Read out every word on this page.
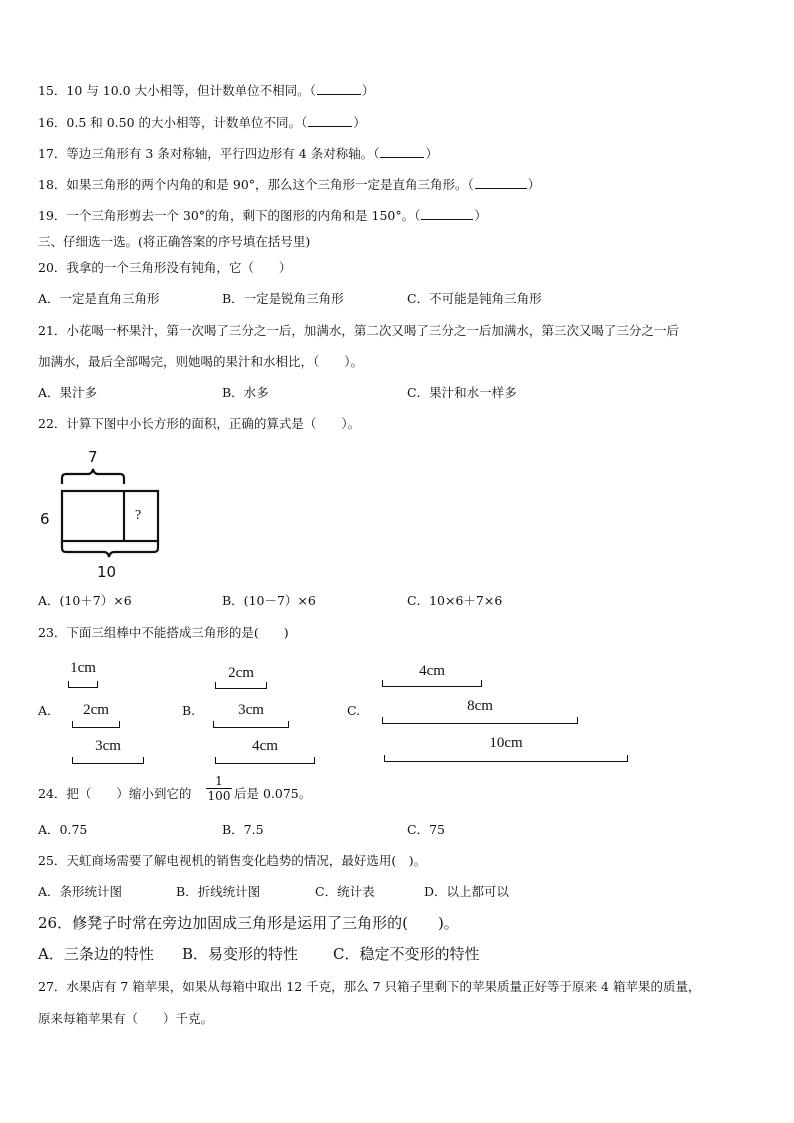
15．10 与 10.0 大小相等，但计数单位不相同。（	）
16．0.5 和 0.50 的大小相等，计数单位不同。（	）
17．等边三角形有 3 条对称轴，平行四边形有 4 条对称轴。（	）
18．如果三角形的两个内角的和是 90°，那么这个三角形一定是直角三角形。（	）
19．一个三角形剪去一个 30°的角，剩下的图形的内角和是 150°。（	）
三、仔细选一选。(将正确答案的序号填在括号里)
20．我拿的一个三角形没有钝角，它（　　）
A．一定是直角三角形	B．一定是锐角三角形	C．不可能是钝角三角形
21．小花喝一杯果汁，第一次喝了三分之一后，加满水，第二次又喝了三分之一后加满水，第三次又喝了三分之一后
加满水，最后全部喝完，则她喝的果汁和水相比，（　　）。
A．果汁多	B．水多	C．果汁和水一样多
22．计算下图中小长方形的面积，正确的算式是（　　）。
7
6	?
10
A．(10＋7）×6	B．(10－7）×6	C．10×6＋7×6
23．下面三组棒中不能搭成三角形的是(　　)
A.
1cm
2cm
3cm
B.
2cm
3cm
4cm
C.
4cm
8cm
10cm
24．把（　　）缩小到它的 $\frac{1}{100}$ 后是 0.075。
A．0.75	B．7.5	C．75
25．天虹商场需要了解电视机的销售变化趋势的情况，最好选用(　)。
A．条形统计图	B．折线统计图	C．统计表	D．以上都可以
26．修凳子时常在旁边加固成三角形是运用了三角形的(　　)。
A．三条边的特性 B．易变形的特性 C．稳定不变形的特性
27．水果店有 7 箱苹果，如果从每箱中取出 12 千克，那么 7 只箱子里剩下的苹果质量正好等于原来 4 箱苹果的质量，
原来每箱苹果有（　　）千克。
